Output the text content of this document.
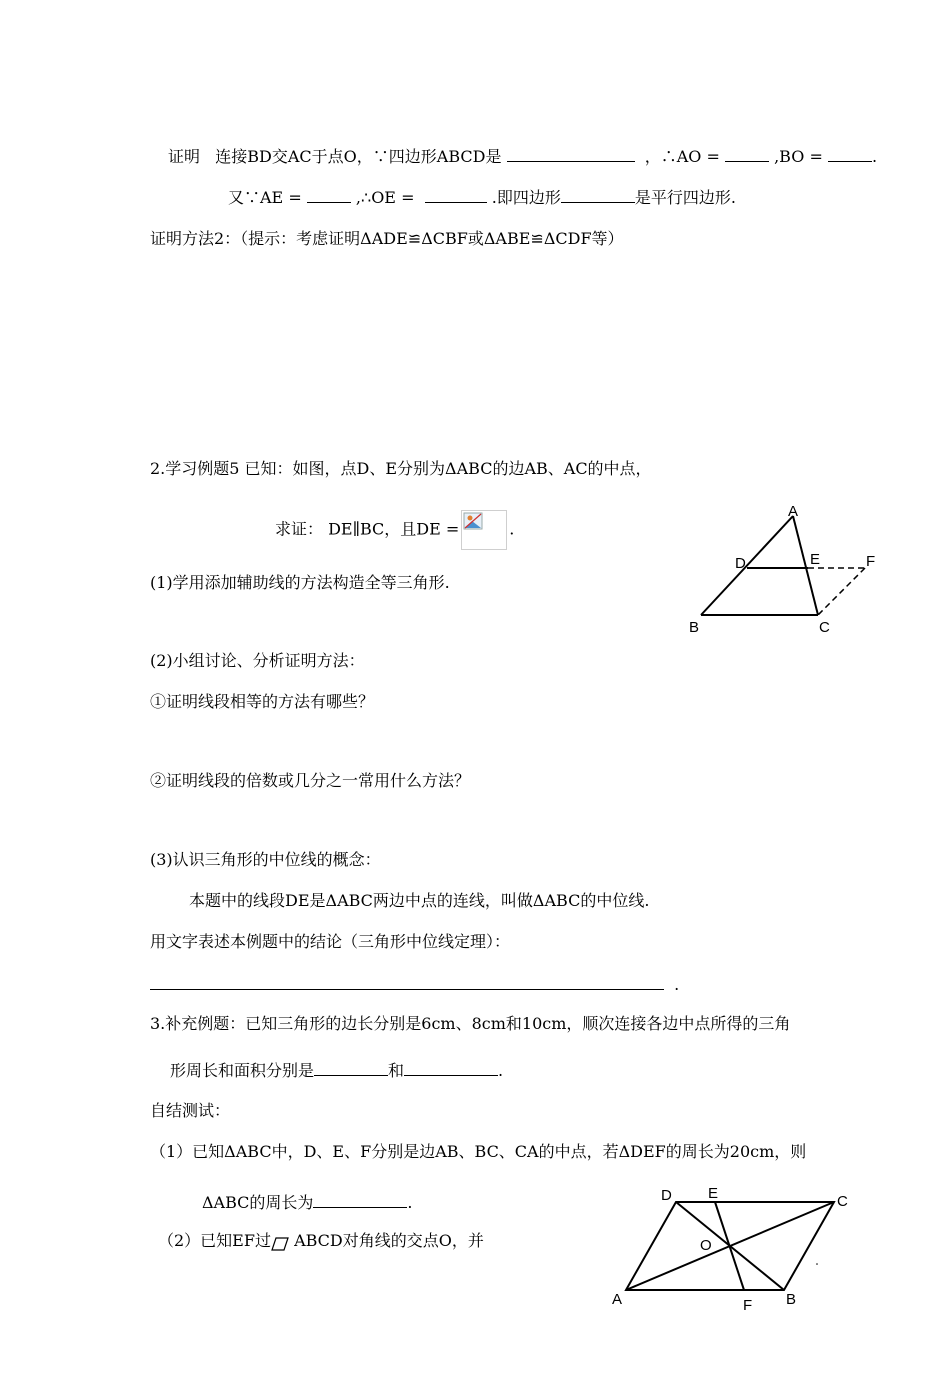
证明 连接BD交AC于点O，∵四边形ABCD是	，∴AO =	,BO =	.
又∵AE =	,∴OE =	.即四边形	是平行四边形.
证明方法2：（提示：考虑证明ΔADE≌ΔCBF或ΔABE≌ΔCDF等）
2.学习例题5 已知：如图，点D、E分别为ΔABC的边AB、AC的中点，
求证： DE∥BC，且DE =	.
(1)学用添加辅助线的方法构造全等三角形.
A
D	E	F
B	C
(2)小组讨论、分析证明方法：
①证明线段相等的方法有哪些？
②证明线段的倍数或几分之一常用什么方法？
(3)认识三角形的中位线的概念：
本题中的线段DE是ΔABC两边中点的连线，叫做ΔABC的中位线.
用文字表述本例题中的结论（三角形中位线定理）：
.
3.补充例题：已知三角形的边长分别是6cm、8cm和10cm，顺次连接各边中点所得的三角
形周长和面积分别是	和	.
自结测试：
（1）已知ΔABC中，D、E、F分别是边AB、BC、CA的中点，若ΔDEF的周长为20cm，则
ΔABC的周长为	.
（2）已知EF过 ABCD对角线的交点O，并
D E	C
O
A	F B
